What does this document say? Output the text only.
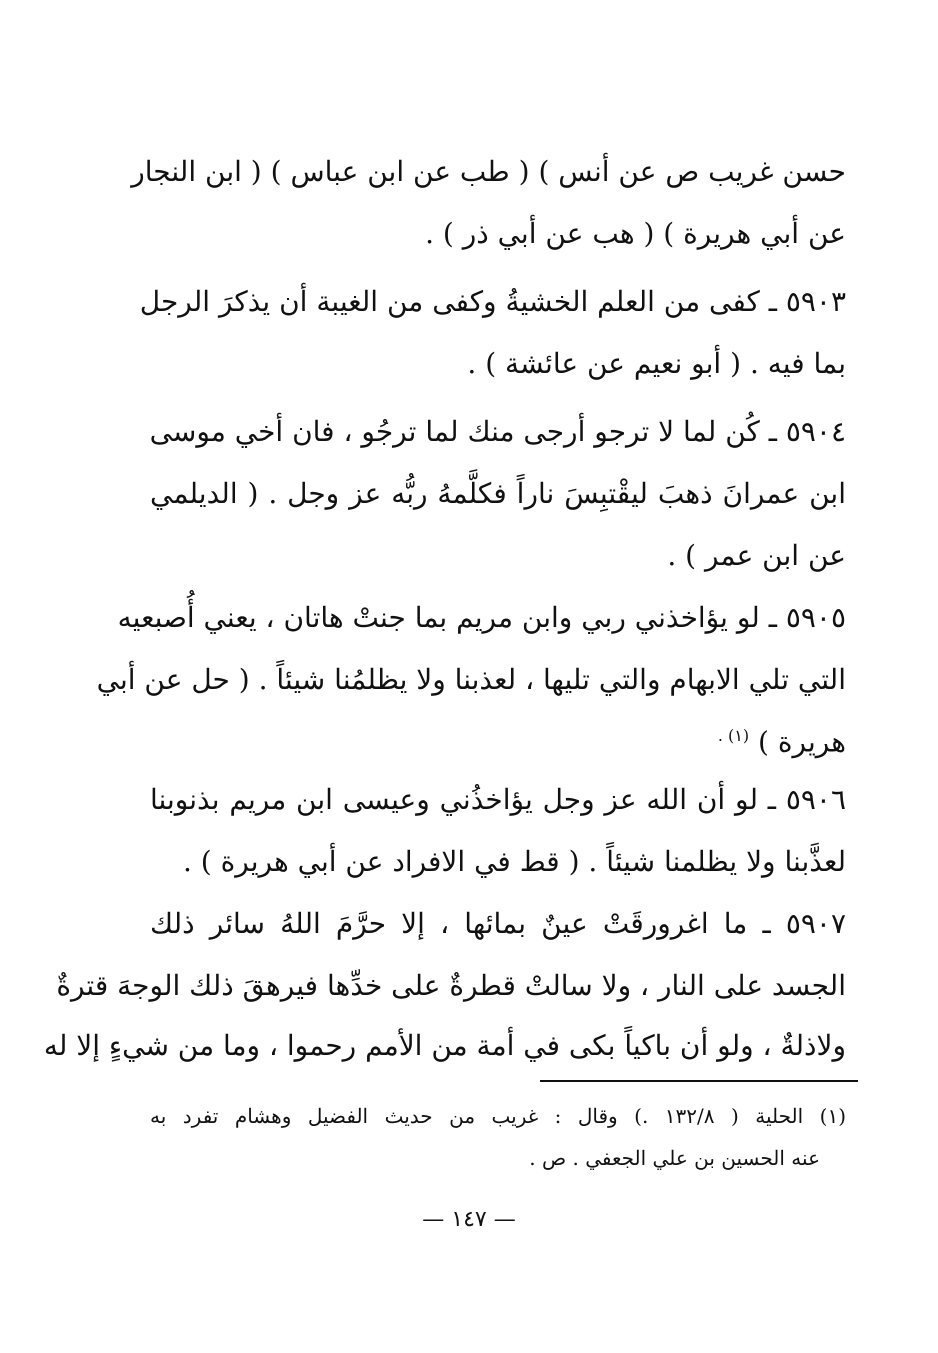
حسن غريب ص عن أنس ) ( طب عن ابن عباس ) ( ابن النجار
عن أبي هريرة ) ( هب عن أبي ذر ) .
٥٩٠٣ ـ كفى من العلم الخشيةُ وكفى من الغيبة أن يذكرَ الرجل
بما فيه . ( أبو نعيم عن عائشة ) .
٥٩٠٤ ـ كُن لما لا ترجو أرجى منك لما ترجُو ، فان أخي موسى
ابن عمرانَ ذهبَ ليقْتبِسَ ناراً فكلَّمهُ ربُّه عز وجل . ( الديلمي
عن ابن عمر ) .
٥٩٠٥ ـ لو يؤاخذني ربي وابن مريم بما جنتْ هاتان ، يعني أُصبعيه
التي تلي الابهام والتي تليها ، لعذبنا ولا يظلمُنا شيئاً . ( حل عن أبي
هريرة ) $^{(١) .}$
٥٩٠٦ ـ لو أن الله عز وجل يؤاخذُني وعيسى ابن مريم بذنوبنا
لعذَّبنا ولا يظلمنا شيئاً . ( قط في الافراد عن أبي هريرة ) .
٥٩٠٧ ـ ما اغرورقَتْ عينٌ بمائها ، إلا حرَّمَ اللهُ سائر ذلك
الجسد على النار ، ولا سالتْ قطرةٌ على خدِّها فيرهقَ ذلك الوجهَ قترةٌ
ولاذلةٌ ، ولو أن باكياً بكى في أمة من الأمم رحموا ، وما من شيءٍ إلا له
(١) الحلية ( ١٣٢/٨ .) وقال : غريب من حديث الفضيل وهشام تفرد به
عنه الحسين بن علي الجعفي . ص .
— ١٤٧ —
